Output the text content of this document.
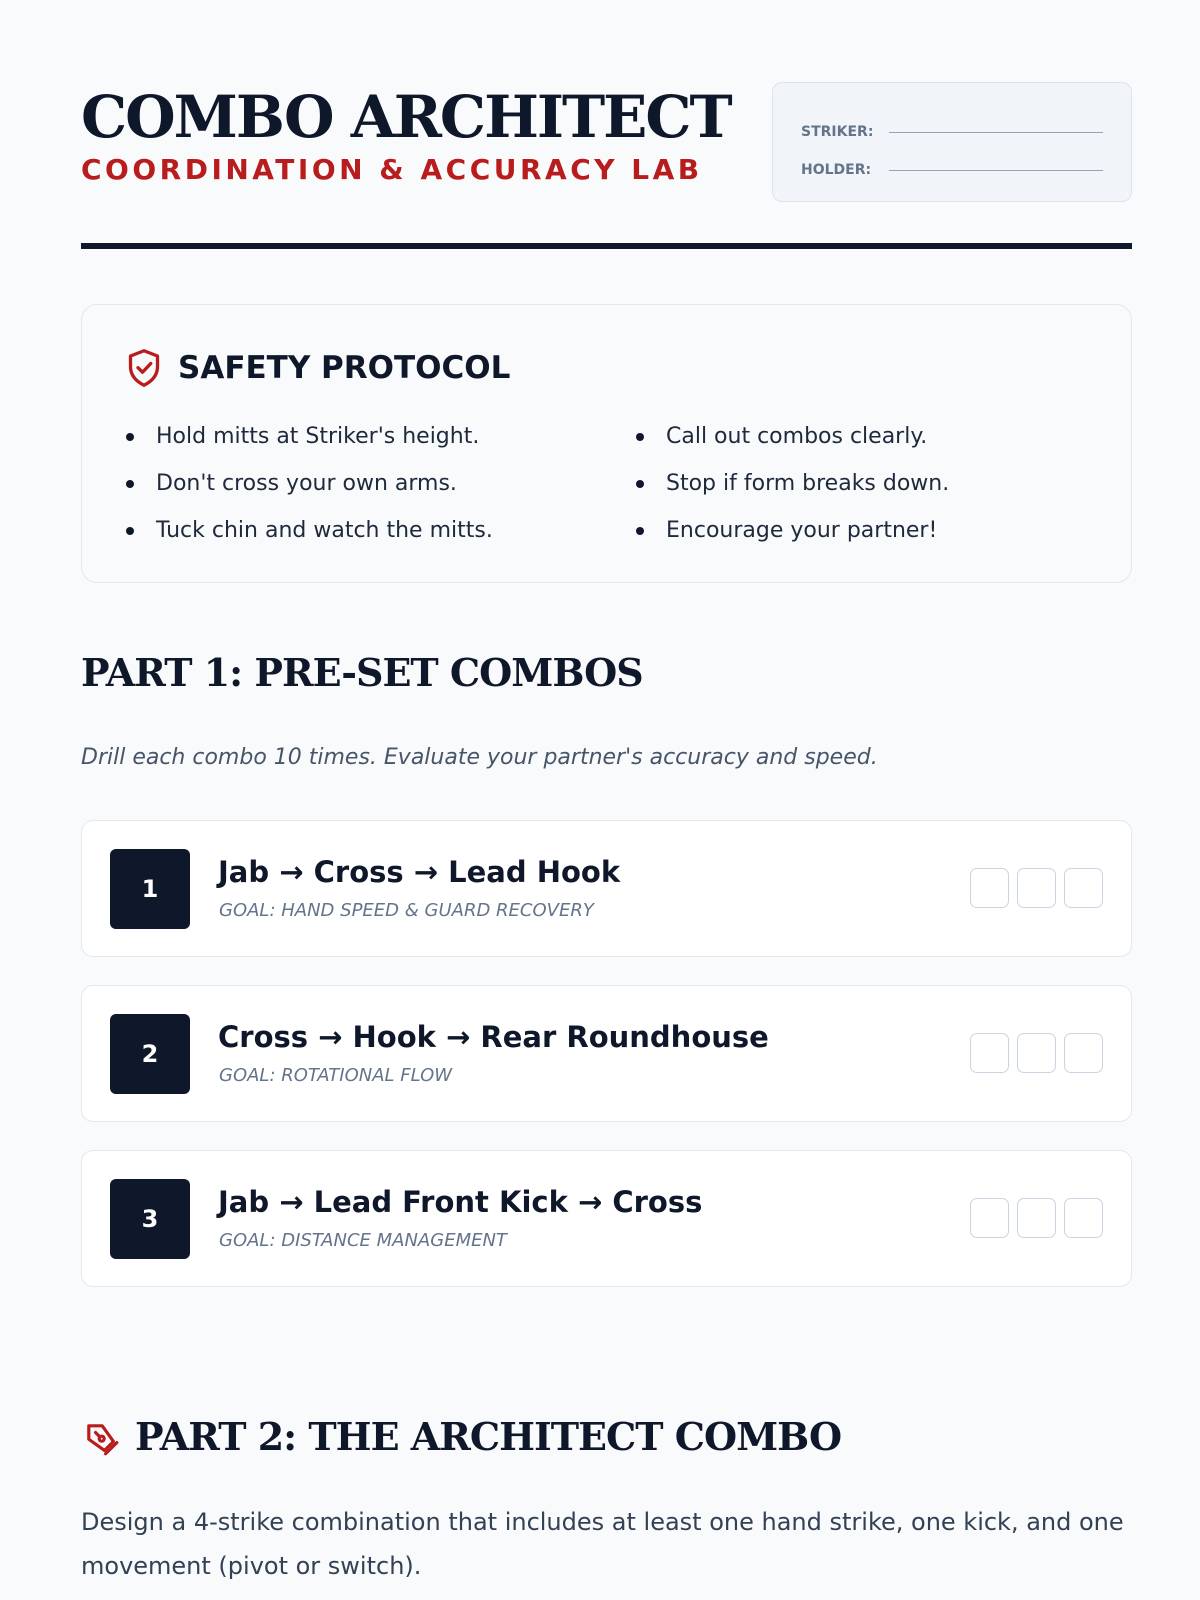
COMBO ARCHITECT
COORDINATION & ACCURACY LAB
STRIKER:
HOLDER:
SAFETY PROTOCOL
Hold mitts at Striker's height.
Don't cross your own arms.
Tuck chin and watch the mitts.
Call out combos clearly.
Stop if form breaks down.
Encourage your partner!
PART 1: PRE-SET COMBOS
Drill each combo 10 times. Evaluate your partner's accuracy and speed.
1	Jab → Cross → Lead Hook
GOAL: HAND SPEED & GUARD RECOVERY
2	Cross → Hook → Rear Roundhouse
GOAL: ROTATIONAL FLOW
3	Jab → Lead Front Kick → Cross
GOAL: DISTANCE MANAGEMENT
PART 2: THE ARCHITECT COMBO
Design a 4-strike combination that includes at least one hand strike, one kick, and one movement (pivot or switch).
